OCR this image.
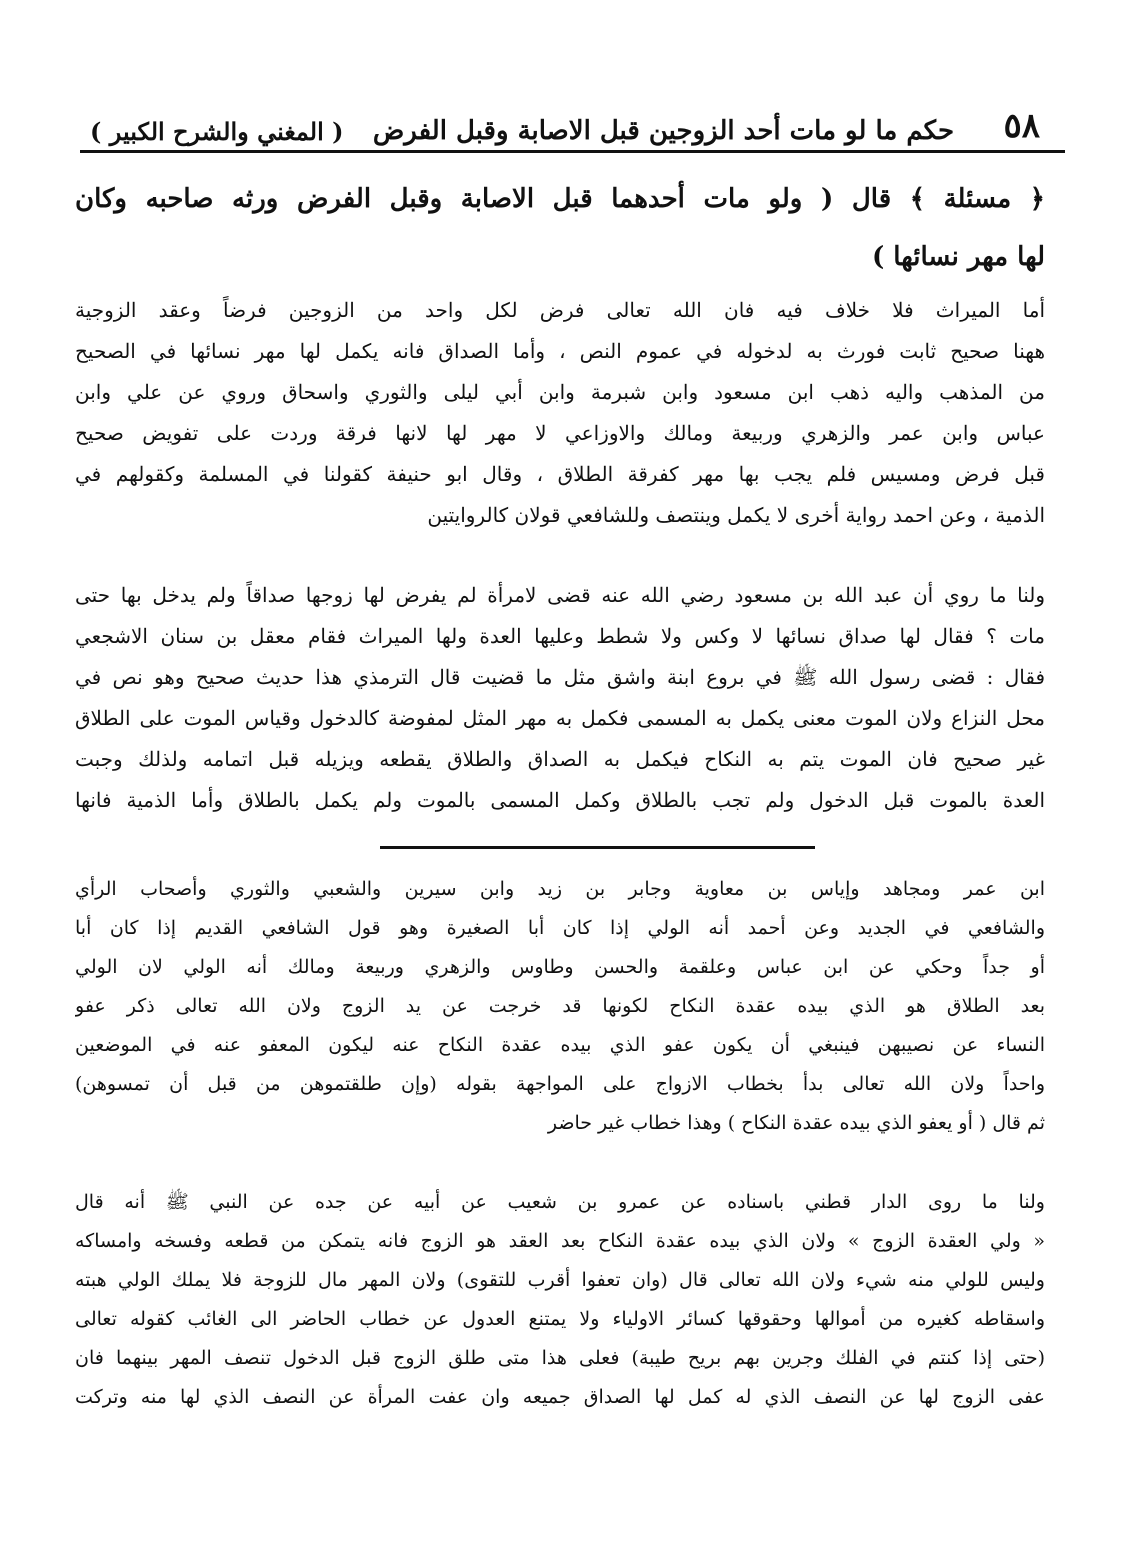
٥٨
حكم ما لو مات أحد الزوجين قبل الاصابة وقبل الفرض
( المغني والشرح الكبير )
﴿ مسئلة ﴾ قال ( ولو مات أحدهما قبل الاصابة وقبل الفرض ورثه صاحبه وكان
لها مهر نسائها )
أما الميراث فلا خلاف فيه فان الله تعالى فرض لكل واحد من الزوجين فرضاً وعقد الزوجية
ههنا صحيح ثابت فورث به لدخوله في عموم النص ، وأما الصداق فانه يكمل لها مهر نسائها في الصحيح
من المذهب واليه ذهب ابن مسعود وابن شبرمة وابن أبي ليلى والثوري واسحاق وروي عن علي وابن
عباس وابن عمر والزهري وربيعة ومالك والاوزاعي لا مهر لها لانها فرقة وردت على تفويض صحيح
قبل فرض ومسيس فلم يجب بها مهر كفرقة الطلاق ، وقال ابو حنيفة كقولنا في المسلمة وكقولهم في
الذمية ، وعن احمد رواية أخرى لا يكمل وينتصف وللشافعي قولان كالروايتين
ولنا ما روي أن عبد الله بن مسعود رضي الله عنه قضى لامرأة لم يفرض لها زوجها صداقاً ولم يدخل بها حتى
مات ؟ فقال لها صداق نسائها لا وكس ولا شطط وعليها العدة ولها الميراث فقام معقل بن سنان الاشجعي
فقال : قضى رسول الله ﷺ في بروع ابنة واشق مثل ما قضيت قال الترمذي هذا حديث صحيح وهو نص في
محل النزاع ولان الموت معنى يكمل به المسمى فكمل به مهر المثل لمفوضة كالدخول وقياس الموت على الطلاق
غير صحيح فان الموت يتم به النكاح فيكمل به الصداق والطلاق يقطعه ويزيله قبل اتمامه ولذلك وجبت
العدة بالموت قبل الدخول ولم تجب بالطلاق وكمل المسمى بالموت ولم يكمل بالطلاق وأما الذمية فانها
ابن عمر ومجاهد وإياس بن معاوية وجابر بن زيد وابن سيرين والشعبي والثوري وأصحاب الرأي
والشافعي في الجديد وعن أحمد أنه الولي إذا كان أبا الصغيرة وهو قول الشافعي القديم إذا كان أبا
أو جداً وحكي عن ابن عباس وعلقمة والحسن وطاوس والزهري وربيعة ومالك أنه الولي لان الولي
بعد الطلاق هو الذي بيده عقدة النكاح لكونها قد خرجت عن يد الزوج ولان الله تعالى ذكر عفو
النساء عن نصيبهن فينبغي أن يكون عفو الذي بيده عقدة النكاح عنه ليكون المعفو عنه في الموضعين
واحداً ولان الله تعالى بدأ بخطاب الازواج على المواجهة بقوله (وإن طلقتموهن من قبل أن تمسوهن)
ثم قال ( أو يعفو الذي بيده عقدة النكاح ) وهذا خطاب غير حاضر
ولنا ما روى الدار قطني باسناده عن عمرو بن شعيب عن أبيه عن جده عن النبي ﷺ أنه قال
« ولي العقدة الزوج » ولان الذي بيده عقدة النكاح بعد العقد هو الزوج فانه يتمكن من قطعه وفسخه وامساكه
وليس للولي منه شيء ولان الله تعالى قال (وان تعفوا أقرب للتقوى) ولان المهر مال للزوجة فلا يملك الولي هبته
واسقاطه كغيره من أموالها وحقوقها كسائر الاولياء ولا يمتنع العدول عن خطاب الحاضر الى الغائب كقوله تعالى
(حتى إذا كنتم في الفلك وجرين بهم بريح طيبة) فعلى هذا متى طلق الزوج قبل الدخول تنصف المهر بينهما فان
عفى الزوج لها عن النصف الذي له كمل لها الصداق جميعه وان عفت المرأة عن النصف الذي لها منه وتركت
